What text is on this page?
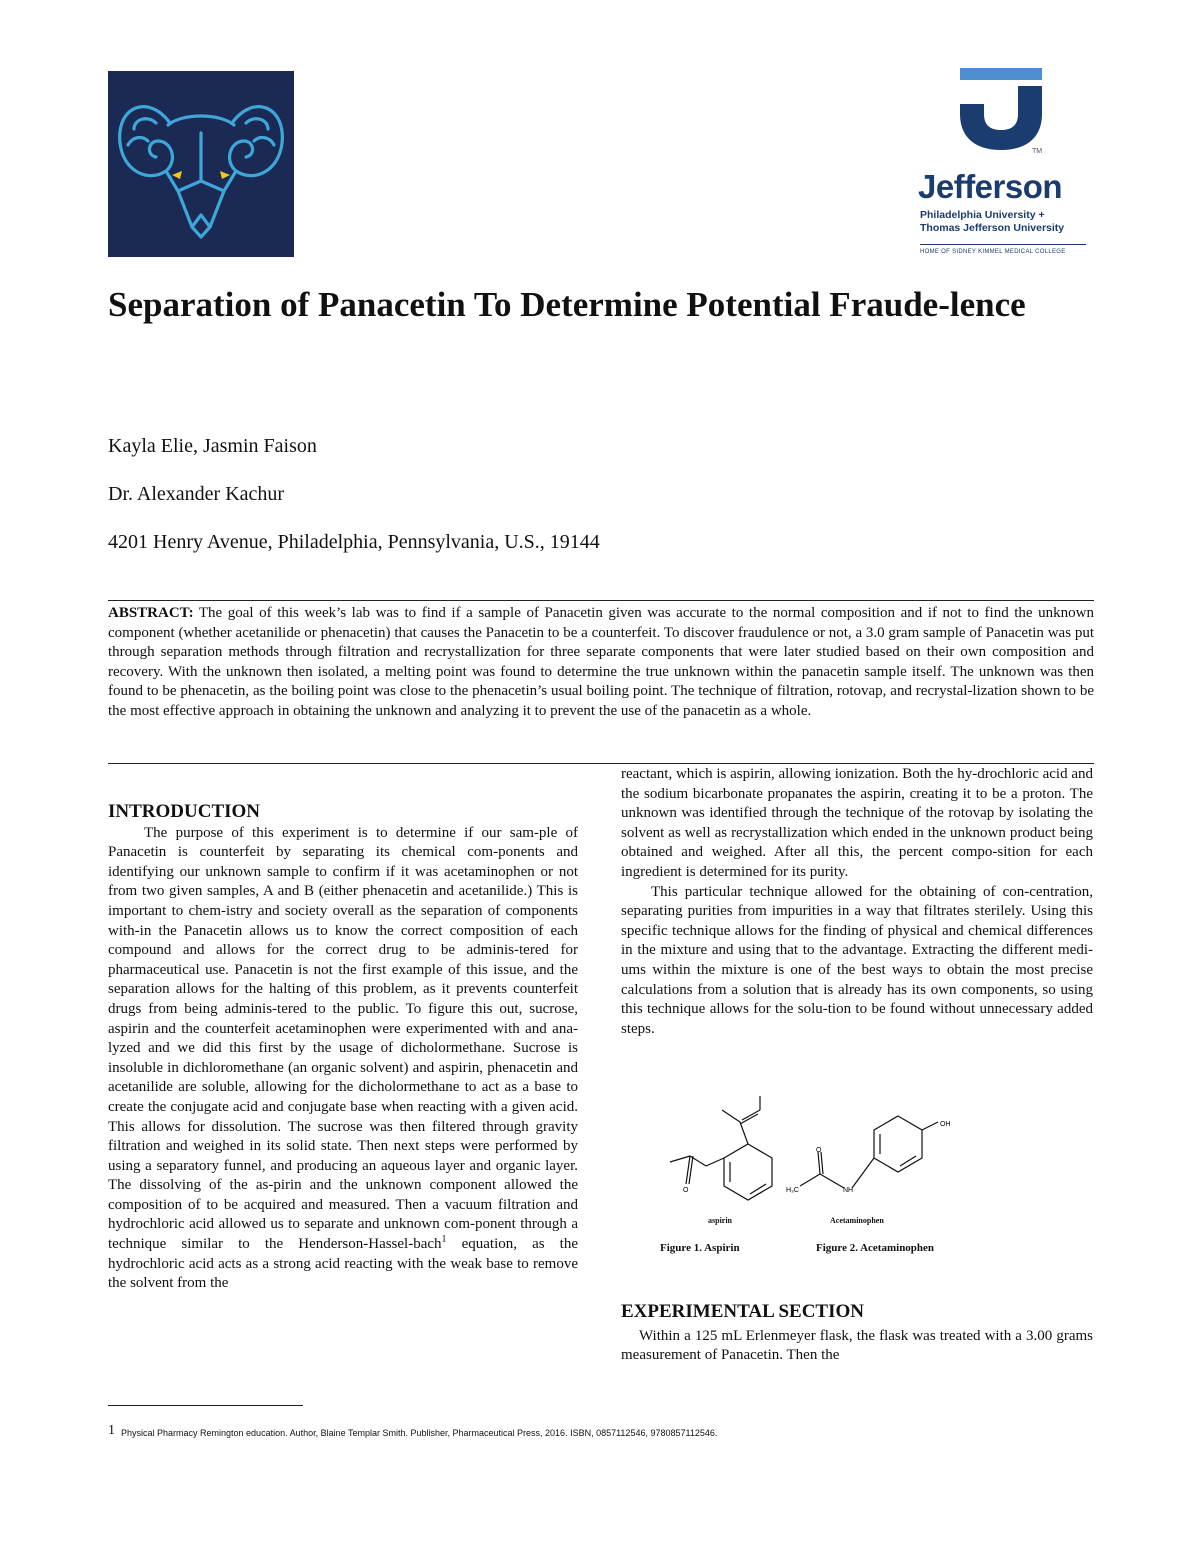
TM
Jefferson
Philadelphia University +
Thomas Jefferson University
HOME OF SIDNEY KIMMEL MEDICAL COLLEGE
Separation of Panacetin To Determine Potential Fraude-lence
Kayla Elie, Jasmin Faison
Dr. Alexander Kachur
4201 Henry Avenue, Philadelphia, Pennsylvania, U.S., 19144

ABSTRACT: The goal of this week’s lab was to find if a sample of Panacetin given was accurate to the normal composition and if not to find the unknown component (whether acetanilide or phenacetin) that causes the Panacetin to be a counterfeit. To discover fraudulence or not, a 3.0 gram sample of Panacetin was put through separation methods through filtration and recrystallization for three separate components that were later studied based on their own composition and recovery. With the unknown then isolated, a melting point was found to determine the true unknown within the panacetin sample itself. The unknown was then found to be phenacetin, as the boiling point was close to the phenacetin’s usual boiling point. The technique of filtration, rotovap, and recrystal-lization shown to be the most effective approach in obtaining the unknown and analyzing it to prevent the use of the panacetin as a whole.

INTRODUCTION

The purpose of this experiment is to determine if our sam-ple of Panacetin is counterfeit by separating its chemical com-ponents and identifying our unknown sample to confirm if it was acetaminophen or not from two given samples, A and B (either phenacetin and acetanilide.) This is important to chem-istry and society overall as the separation of components with-in the Panacetin allows us to know the correct composition of each compound and allows for the correct drug to be adminis-tered for pharmaceutical use. Panacetin is not the first example of this issue, and the separation allows for the halting of this problem, as it prevents counterfeit drugs from being adminis-tered to the public. To figure this out, sucrose, aspirin and the counterfeit acetaminophen were experimented with and ana-lyzed and we did this first by the usage of dicholormethane. Sucrose is insoluble in dichloromethane (an organic solvent) and aspirin, phenacetin and acetanilide are soluble, allowing for the dicholormethane to act as a base to create the conjugate acid and conjugate base when reacting with a given acid. This allows for dissolution. The sucrose was then filtered through gravity filtration and weighed in its solid state. Then next steps were performed by using a separatory funnel, and producing an aqueous layer and organic layer. The dissolving of the as-pirin and the unknown component allowed the composition of to be acquired and measured. Then a vacuum filtration and hydrochloric acid allowed us to separate and unknown com-ponent through a technique similar to the Henderson-Hassel-bach$^1$ equation, as the hydrochloric acid acts as a strong acid reacting with the weak base to remove the solvent from the

reactant, which is aspirin, allowing ionization. Both the hy-drochloric acid and the sodium bicarbonate propanates the aspirin, creating it to be a proton. The unknown was identified through the technique of the rotovap by isolating the solvent as well as recrystallization which ended in the unknown product being obtained and weighed. After all this, the percent compo-sition for each ingredient is determined for its purity.

This particular technique allowed for the obtaining of con-centration, separating purities from impurities in a way that filtrates sterilely. Using this specific technique allows for the finding of physical and chemical differences in the mixture and using that to the advantage. Extracting the different medi-ums within the mixture is one of the best ways to obtain the most precise calculations from a solution that is already has its own components, so using this technique allows for the solu-tion to be found without unnecessary added steps.

OH
NH
H₃C
O
O
aspirin	Acetaminophen
Figure 1. Aspirin	Figure 2. Acetaminophen
EXPERIMENTAL SECTION

Within a 125 mL Erlenmeyer flask, the flask was treated with a 3.00 grams measurement of Panacetin. Then the

1 Physical Pharmacy Remington education. Author, Blaine Templar Smith. Publisher, Pharmaceutical Press, 2016. ISBN, 0857112546, 9780857112546.
